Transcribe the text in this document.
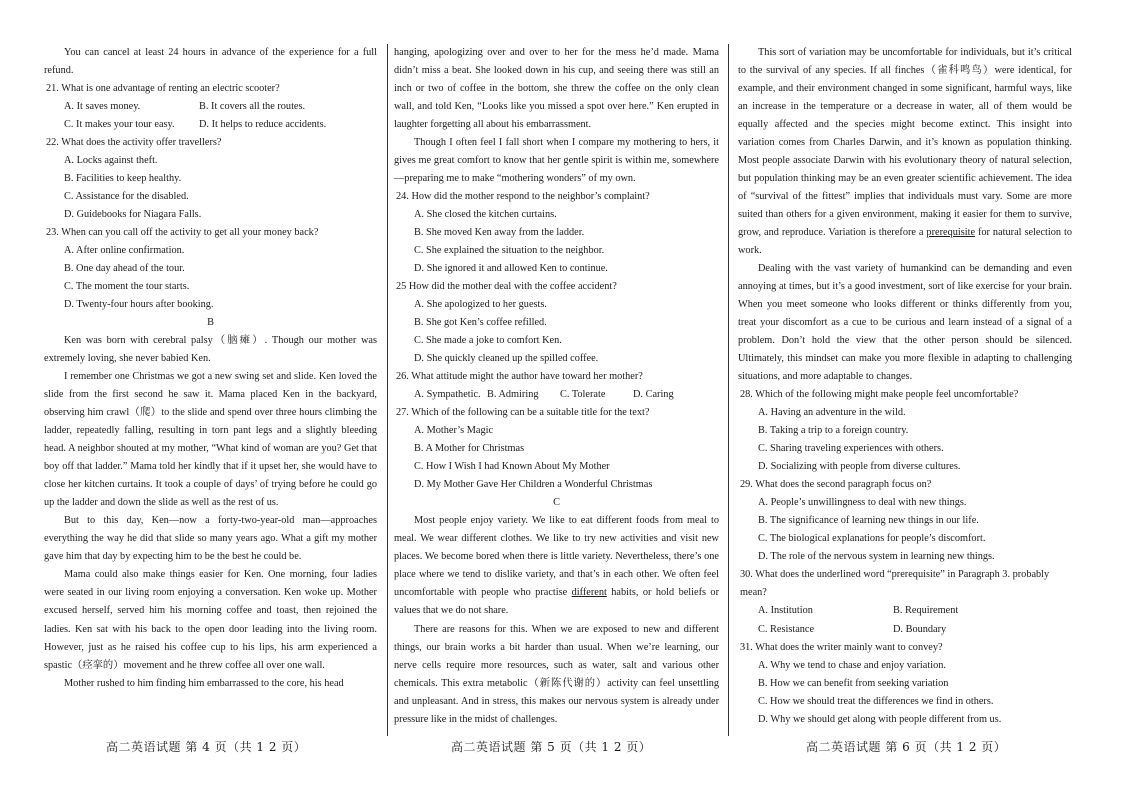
You can cancel at least 24 hours in advance of the experience for a full refund.

21. What is one advantage of renting an electric scooter?

A. It saves money.	B. It covers all the routes.
C. It makes your tour easy.	D. It helps to reduce accidents.

22. What does the activity offer travellers?

A. Locks against theft.

B. Facilities to keep healthy.

C. Assistance for the disabled.

D. Guidebooks for Niagara Falls.

23. When can you call off the activity to get all your money back?

A. After online confirmation.

B. One day ahead of the tour.

C. The moment the tour starts.

D. Twenty-four hours after booking.

B

Ken was born with cerebral palsy（脑瘫）. Though our mother was extremely loving, she never babied Ken.

I remember one Christmas we got a new swing set and slide. Ken loved the slide from the first second he saw it. Mama placed Ken in the backyard, observing him crawl（爬）to the slide and spend over three hours climbing the ladder, repeatedly falling, resulting in torn pant legs and a slightly bleeding head. A neighbor shouted at my mother, “What kind of woman are you? Get that boy off that ladder.” Mama told her kindly that if it upset her, she would have to close her kitchen curtains. It took a couple of days’ of trying before he could go up the ladder and down the slide as well as the rest of us.

But to this day, Ken—now a forty-two-year-old man—approaches everything the way he did that slide so many years ago. What a gift my mother gave him that day by expecting him to be the best he could be.

Mama could also make things easier for Ken. One morning, four ladies were seated in our living room enjoying a conversation. Ken woke up. Mother excused herself, served him his morning coffee and toast, then rejoined the ladies. Ken sat with his back to the open door leading into the living room. However, just as he raised his coffee cup to his lips, his arm experienced a spastic（痉挛的）movement and he threw coffee all over one wall.

Mother rushed to him finding him embarrassed to the core, his head

hanging, apologizing over and over to her for the mess he’d made. Mama didn’t miss a beat. She looked down in his cup, and seeing there was still an inch or two of coffee in the bottom, she threw the coffee on the only clean wall, and told Ken, “Looks like you missed a spot over here.” Ken erupted in laughter forgetting all about his embarrassment.

Though I often feel I fall short when I compare my mothering to hers, it gives me great comfort to know that her gentle spirit is within me, somewhere—preparing me to make “mothering wonders” of my own.

24. How did the mother respond to the neighbor’s complaint?

A. She closed the kitchen curtains.

B. She moved Ken away from the ladder.

C. She explained the situation to the neighbor.

D. She ignored it and allowed Ken to continue.

25 How did the mother deal with the coffee accident?

A. She apologized to her guests.

B. She got Ken’s coffee refilled.

C. She made a joke to comfort Ken.

D. She quickly cleaned up the spilled coffee.

26. What attitude might the author have toward her mother?

A. Sympathetic. B. Admiring	C. Tolerate	D. Caring

27. Which of the following can be a suitable title for the text?

A. Mother’s Magic

B. A Mother for Christmas

C. How I Wish I had Known About My Mother

D. My Mother Gave Her Children a Wonderful Christmas

C

Most people enjoy variety. We like to eat different foods from meal to meal. We wear different clothes. We like to try new activities and visit new places. We become bored when there is little variety. Nevertheless, there’s one place where we tend to dislike variety, and that’s in each other. We often feel uncomfortable with people who practise different habits, or hold beliefs or values that we do not share.

There are reasons for this. When we are exposed to new and different things, our brain works a bit harder than usual. When we’re learning, our nerve cells require more resources, such as water, salt and various other chemicals. This extra metabolic（新陈代谢的）activity can feel unsettling and unpleasant. And in stress, this makes our nervous system is already under pressure like in the midst of challenges.

This sort of variation may be uncomfortable for individuals, but it’s critical to the survival of any species. If all finches（雀科鸣鸟）were identical, for example, and their environment changed in some significant, harmful ways, like an increase in the temperature or a decrease in water, all of them would be equally affected and the species might become extinct. This insight into variation comes from Charles Darwin, and it’s known as population thinking. Most people associate Darwin with his evolutionary theory of natural selection, but population thinking may be an even greater scientific achievement. The idea of “survival of the fittest” implies that individuals must vary. Some are more suited than others for a given environment, making it easier for them to survive, grow, and reproduce. Variation is therefore a prerequisite for natural selection to work.

Dealing with the vast variety of humankind can be demanding and even annoying at times, but it’s a good investment, sort of like exercise for your brain. When you meet someone who looks different or thinks differently from you, treat your discomfort as a cue to be curious and learn instead of a signal of a problem. Don’t hold the view that the other person should be silenced. Ultimately, this mindset can make you more flexible in adapting to challenging situations, and more adaptable to changes.

28. Which of the following might make people feel uncomfortable?

A. Having an adventure in the wild.

B. Taking a trip to a foreign country.

C. Sharing traveling experiences with others.

D. Socializing with people from diverse cultures.

29. What does the second paragraph focus on?

A. People’s unwillingness to deal with new things.

B. The significance of learning new things in our life.

C. The biological explanations for people’s discomfort.

D. The role of the nervous system in learning new things.

30. What does the underlined word “prerequisite” in Paragraph 3. probably mean?

A. Institution	B. Requirement
C. Resistance	D. Boundary

31. What does the writer mainly want to convey?

A. Why we tend to chase and enjoy variation.

B. How we can benefit from seeking variation

C. How we should treat the differences we find in others.

D. Why we should get along with people different from us.

高二英语试题 第 4 页（共 1 2 页）	高二英语试题 第 5 页（共 1 2 页）	高二英语试题 第 6 页（共 1 2 页）
